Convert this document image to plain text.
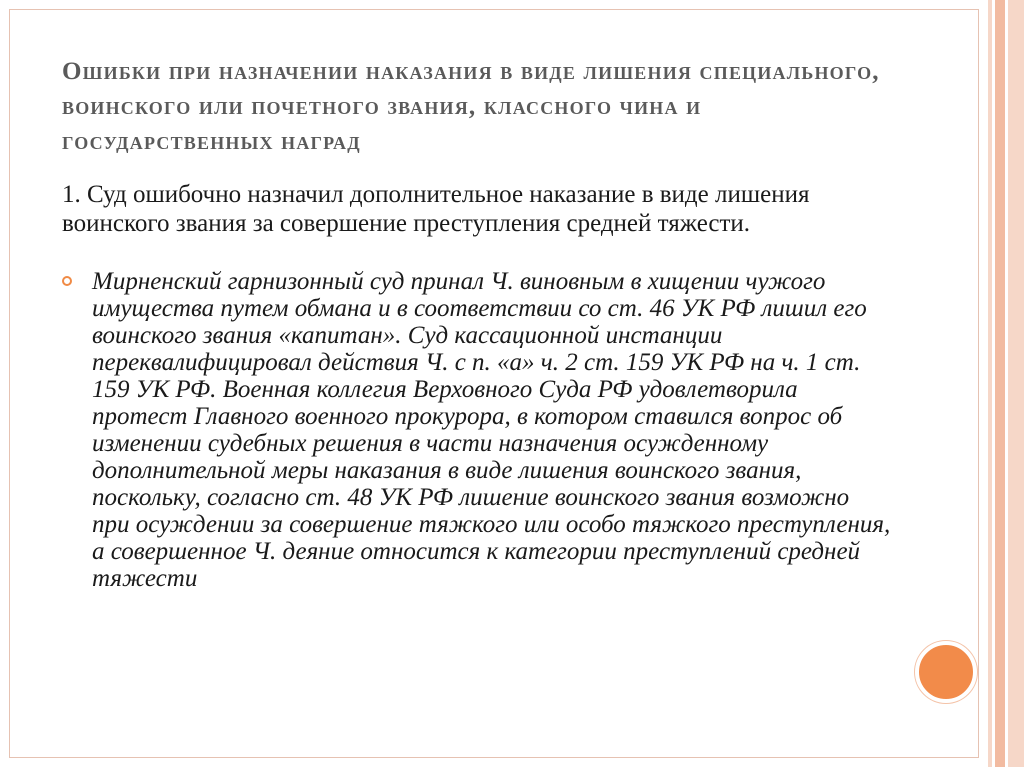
Ошибки при назначении наказания в виде лишения специального, воинского или почетного звания, классного чина и государственных наград

1. Суд ошибочно назначил дополнительное наказание в виде лишения воинского звания за совершение преступления средней тяжести.

Мирненский гарнизонный суд принал Ч. виновным в хищении чужого имущества путем обмана и в соответствии со ст. 46 УК РФ лишил его воинского звания «капитан». Суд кассационной инстанции переквалифицировал действия Ч. с п. «а» ч. 2 ст. 159 УК РФ на ч. 1 ст. 159 УК РФ. Военная коллегия Верховного Суда РФ удовлетворила протест Главного военного прокурора, в котором ставился вопрос об изменении судебных решения в части назначения осужденному дополнительной меры наказания в виде лишения воинского звания, поскольку, согласно ст. 48 УК РФ лишение воинского звания возможно при осуждении за совершение тяжкого или особо тяжкого преступления, а совершенное Ч. деяние относится к категории преступлений средней тяжести
